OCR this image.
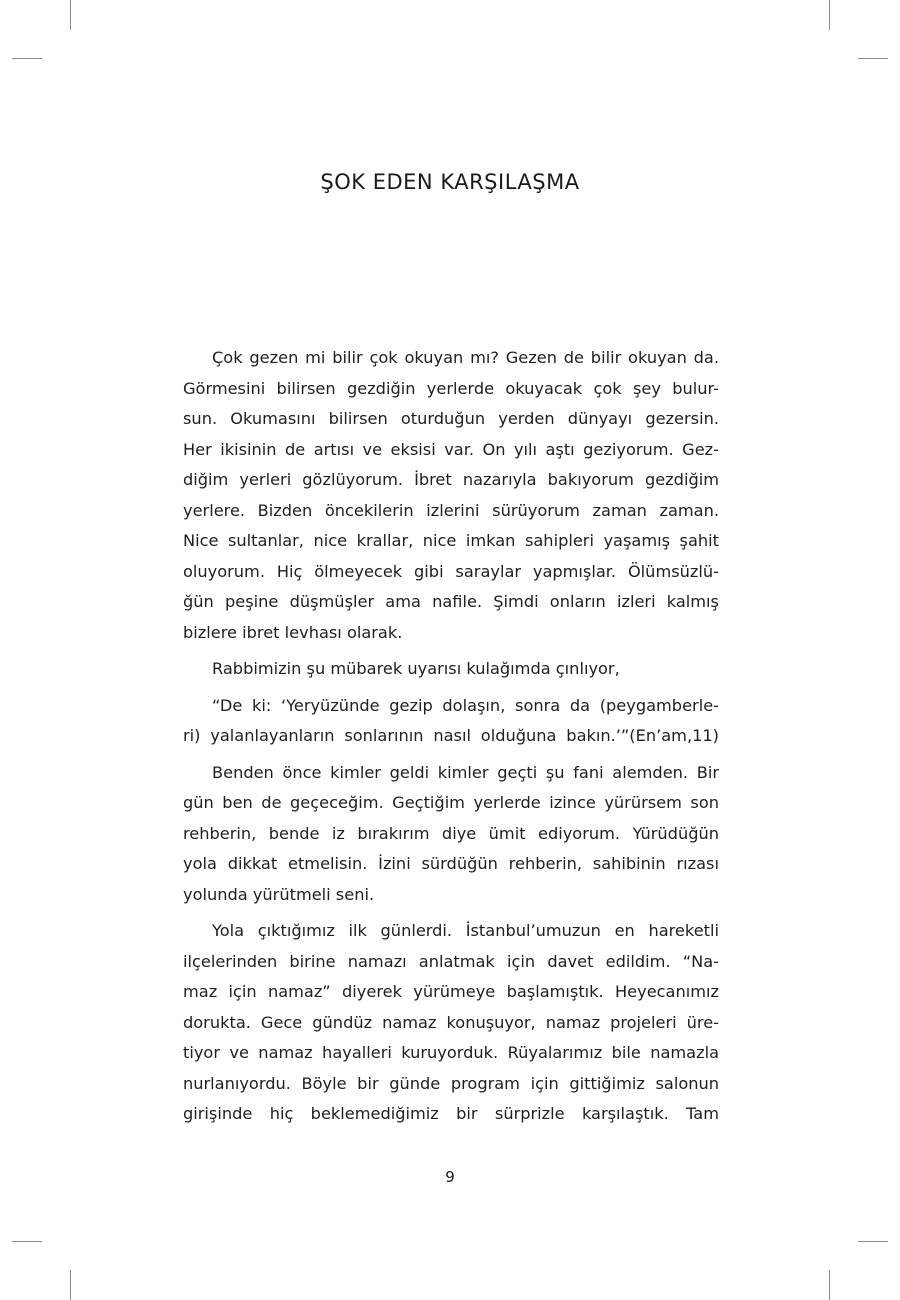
ŞOK EDEN KARŞILAŞMA
Çok gezen mi bilir çok okuyan mı? Gezen de bilir okuyan da.
Görmesini bilirsen gezdiğin yerlerde okuyacak çok şey bulur-
sun. Okumasını bilirsen oturduğun yerden dünyayı gezersin.
Her ikisinin de artısı ve eksisi var. On yılı aştı geziyorum. Gez-
diğim yerleri gözlüyorum. İbret nazarıyla bakıyorum gezdiğim
yerlere. Bizden öncekilerin izlerini sürüyorum zaman zaman.
Nice sultanlar, nice krallar, nice imkan sahipleri yaşamış şahit
oluyorum. Hiç ölmeyecek gibi saraylar yapmışlar. Ölümsüzlü-
ğün peşine düşmüşler ama nafile. Şimdi onların izleri kalmış
bizlere ibret levhası olarak.
Rabbimizin şu mübarek uyarısı kulağımda çınlıyor,
“De ki: ‘Yeryüzünde gezip dolaşın, sonra da (peygamberle-
ri) yalanlayanların sonlarının nasıl olduğuna bakın.’”(En’am,11)
Benden önce kimler geldi kimler geçti şu fani alemden. Bir
gün ben de geçeceğim. Geçtiğim yerlerde izince yürürsem son
rehberin, bende iz bırakırım diye ümit ediyorum. Yürüdüğün
yola dikkat etmelisin. İzini sürdüğün rehberin, sahibinin rızası
yolunda yürütmeli seni.
Yola çıktığımız ilk günlerdi. İstanbul’umuzun en hareketli
ilçelerinden birine namazı anlatmak için davet edildim. “Na-
maz için namaz” diyerek yürümeye başlamıştık. Heyecanımız
dorukta. Gece gündüz namaz konuşuyor, namaz projeleri üre-
tiyor ve namaz hayalleri kuruyorduk. Rüyalarımız bile namazla
nurlanıyordu. Böyle bir günde program için gittiğimiz salonun
girişinde hiç beklemediğimiz bir sürprizle karşılaştık. Tam
9
